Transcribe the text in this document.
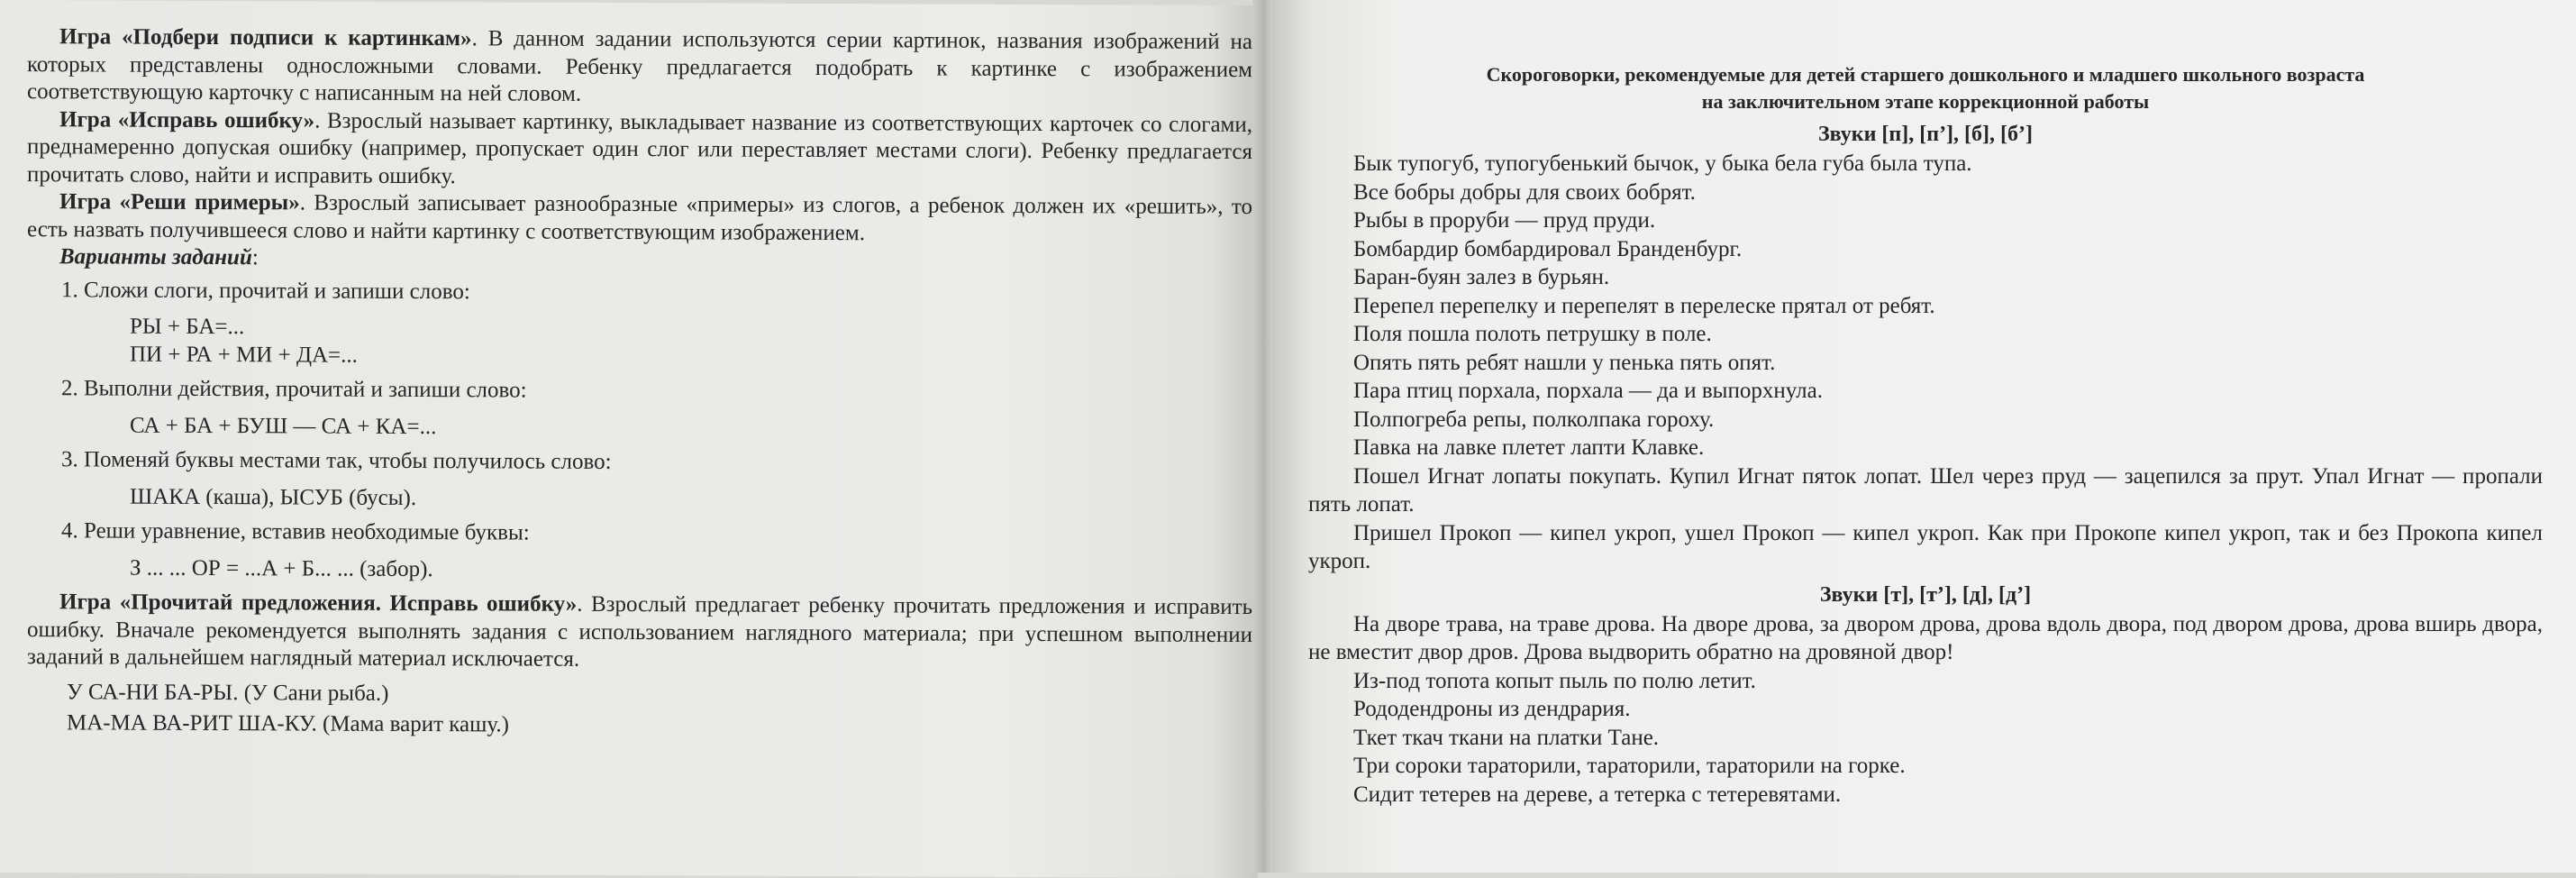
Игра «Подбери подписи к картинкам». В данном задании используются серии картинок, названия изображений на которых представлены односложными словами. Ребенку предлагается подобрать к картинке с изображением соответствующую карточку с написанным на ней словом.

Игра «Исправь ошибку». Взрослый называет картинку, выкладывает название из соответствующих карточек со слогами, преднамеренно допуская ошибку (например, пропускает один слог или переставляет местами слоги). Ребенку предлагается прочитать слово, найти и исправить ошибку.

Игра «Реши примеры». Взрослый записывает разнообразные «примеры» из слогов, а ребенок должен их «решить», то есть назвать получившееся слово и найти картинку с соответствующим изображением.

Варианты заданий:

1. Сложи слоги, прочитай и запиши слово:
РЫ + БА=...
ПИ + РА + МИ + ДА=...
2. Выполни действия, прочитай и запиши слово:
СА + БА + БУШ — СА + КА=...
3. Поменяй буквы местами так, чтобы получилось слово:
ШАКА (каша), ЫСУБ (бусы).
4. Реши уравнение, вставив необходимые буквы:
З ... ... ОР = ...А + Б... ... (забор).

Игра «Прочитай предложения. Исправь ошибку». Взрослый предлагает ребенку прочитать предложения и исправить ошибку. Вначале рекомендуется выполнять задания с использованием наглядного материала; при успешном выполнении заданий в дальнейшем наглядный материал исключается.

У СА-НИ БА-РЫ. (У Сани рыба.)
МА-МА ВА-РИТ ША-КУ. (Мама варит кашу.)
Скороговорки, рекомендуемые для детей старшего дошкольного и младшего школьного возраста
на заключительном этапе коррекционной работы
Звуки [п], [п’], [б], [б’]
Бык тупогуб, тупогубенький бычок, у быка бела губа была тупа.
Все бобры добры для своих бобрят.
Рыбы в проруби — пруд пруди.
Бомбардир бомбардировал Бранденбург.
Баран-буян залез в бурьян.
Перепел перепелку и перепелят в перелеске прятал от ребят.
Поля пошла полоть петрушку в поле.
Опять пять ребят нашли у пенька пять опят.
Пара птиц порхала, порхала — да и выпорхнула.
Полпогреба репы, полколпака гороху.
Павка на лавке плетет лапти Клавке.
Пошел Игнат лопаты покупать. Купил Игнат пяток лопат. Шел через пруд — зацепился за прут. Упал Игнат — пропали пять лопат.
Пришел Прокоп — кипел укроп, ушел Прокоп — кипел укроп. Как при Прокопе кипел укроп, так и без Прокопа кипел укроп.
Звуки [т], [т’], [д], [д’]
На дворе трава, на траве дрова. На дворе дрова, за двором дрова, дрова вдоль двора, под двором дрова, дрова вширь двора, не вместит двор дров. Дрова выдворить обратно на дровяной двор!
Из-под топота копыт пыль по полю летит.
Рододендроны из дендрария.
Ткет ткач ткани на платки Тане.
Три сороки тараторили, тараторили, тараторили на горке.
Сидит тетерев на дереве, а тетерка с тетеревятами.
